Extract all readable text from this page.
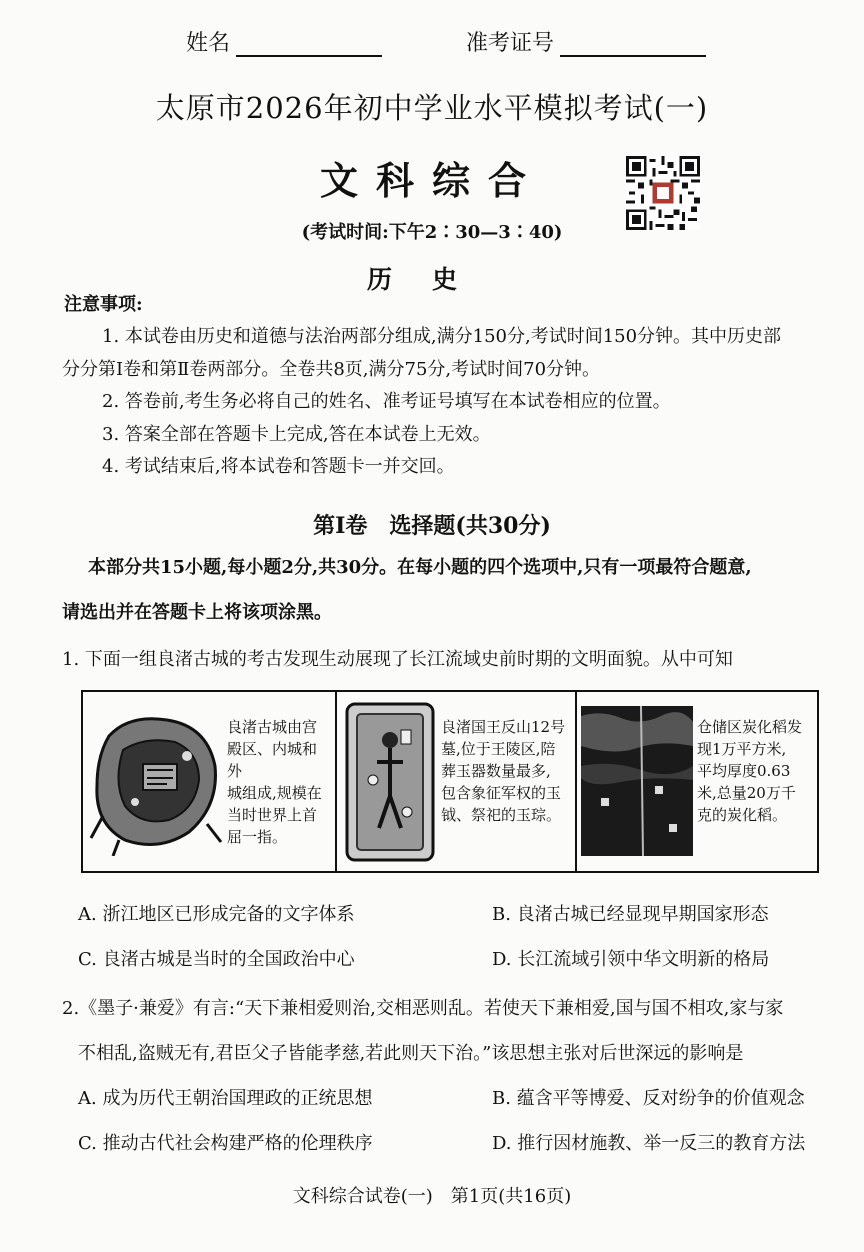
姓名	准考证号
太原市2026年初中学业水平模拟考试(一)
文科综合
(考试时间:下午2∶30—3∶40)
历史
注意事项:
1. 本试卷由历史和道德与法治两部分组成,满分150分,考试时间150分钟。其中历史部
分分第Ⅰ卷和第Ⅱ卷两部分。全卷共8页,满分75分,考试时间70分钟。
2. 答卷前,考生务必将自己的姓名、准考证号填写在本试卷相应的位置。
3. 答案全部在答题卡上完成,答在本试卷上无效。
4. 考试结束后,将本试卷和答题卡一并交回。
第Ⅰ卷　选择题(共30分)
本部分共15小题,每小题2分,共30分。在每小题的四个选项中,只有一项最符合题意,
请选出并在答题卡上将该项涂黑。
1. 下面一组良渚古城的考古发现生动展现了长江流域史前时期的文明面貌。从中可知
良渚古城由宫
殿区、内城和外
城组成,规模在
当时世界上首
屈一指。
良渚国王反山12号
墓,位于王陵区,陪
葬玉器数量最多,
包含象征军权的玉
钺、祭祀的玉琮。
仓储区炭化稻发
现1万平方米,
平均厚度0.63
米,总量20万千
克的炭化稻。
A. 浙江地区已形成完备的文字体系	B. 良渚古城已经显现早期国家形态
C. 良渚古城是当时的全国政治中心	D. 长江流域引领中华文明新的格局
2.《墨子·兼爱》有言:“天下兼相爱则治,交相恶则乱。若使天下兼相爱,国与国不相攻,家与家
不相乱,盗贼无有,君臣父子皆能孝慈,若此则天下治。”该思想主张对后世深远的影响是
A. 成为历代王朝治国理政的正统思想	B. 蕴含平等博爱、反对纷争的价值观念
C. 推动古代社会构建严格的伦理秩序	D. 推行因材施教、举一反三的教育方法
文科综合试卷(一)　第1页(共16页)
